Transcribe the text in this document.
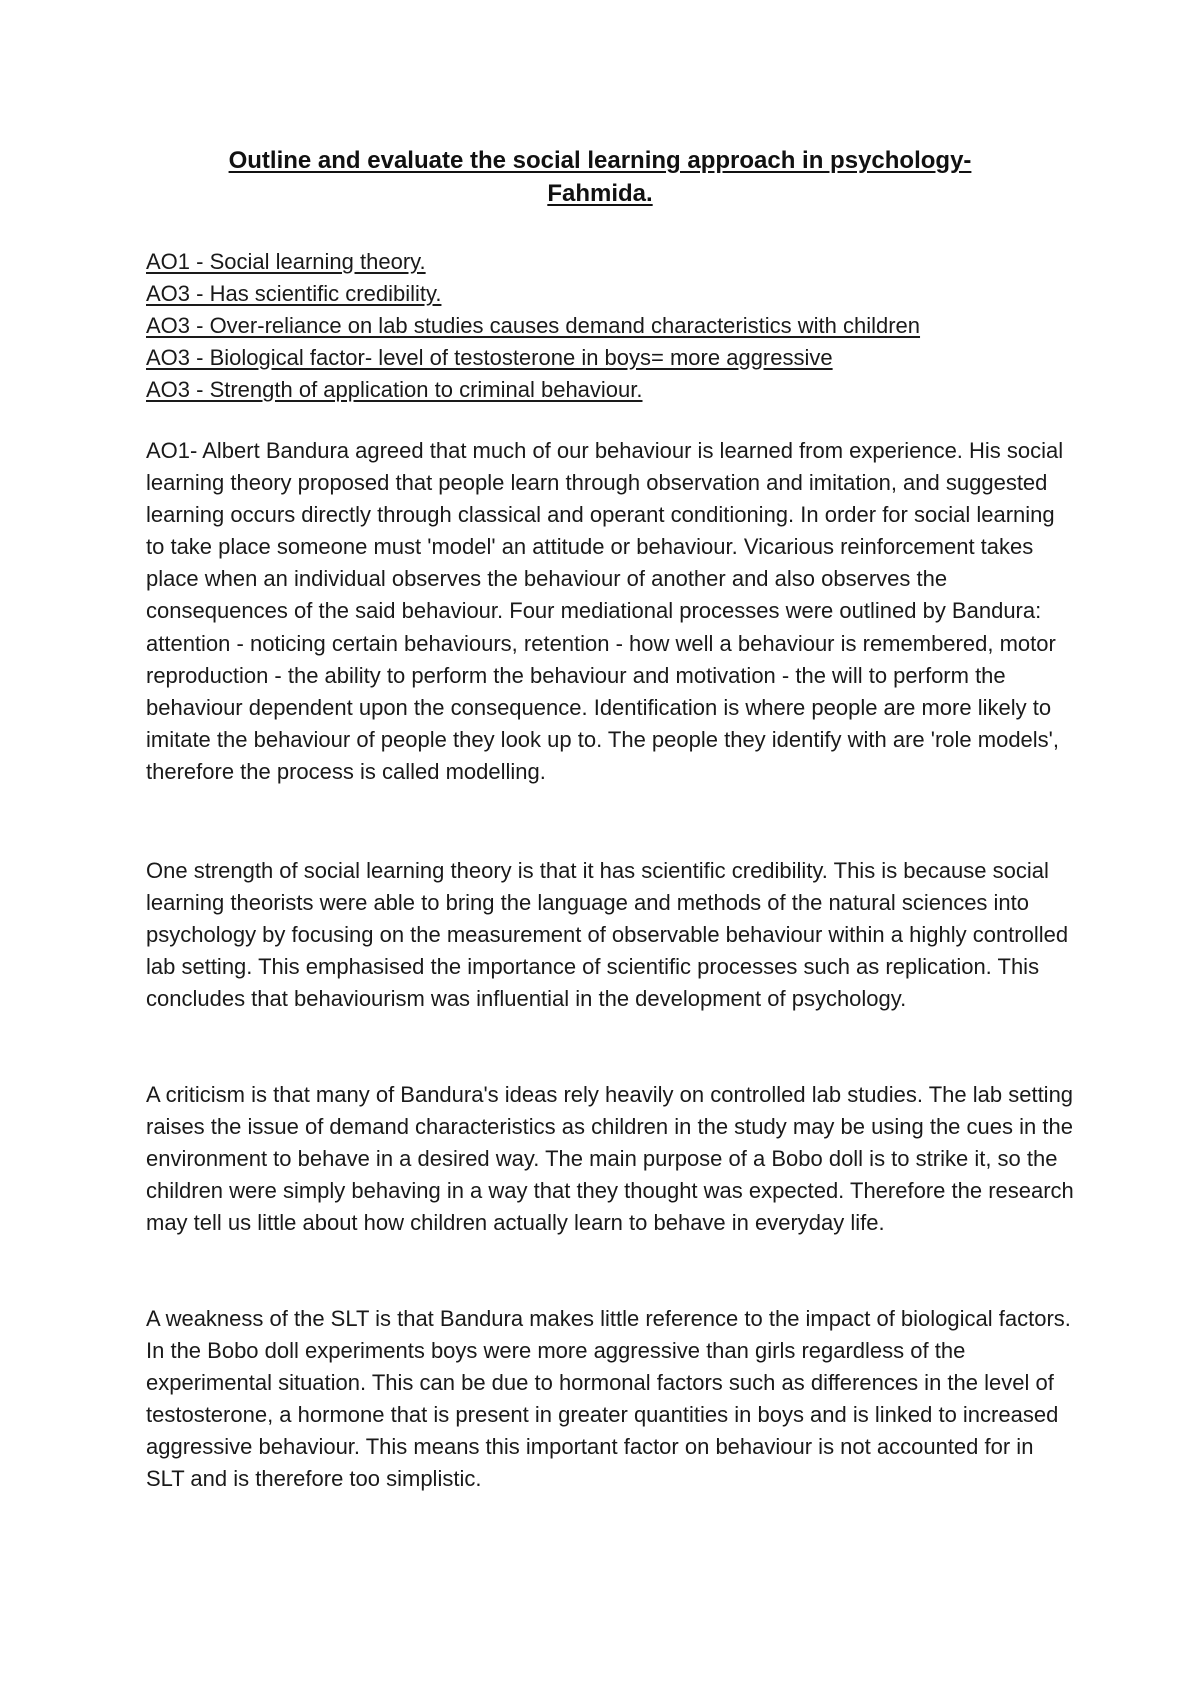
Outline and evaluate the social learning approach in psychology-
Fahmida.
AO1 - Social learning theory.
AO3 - Has scientific credibility.
AO3 - Over-reliance on lab studies causes demand characteristics with children
AO3 - Biological factor- level of testosterone in boys= more aggressive
AO3 - Strength of application to criminal behaviour.

AO1- Albert Bandura agreed that much of our behaviour is learned from experience. His social learning theory proposed that people learn through observation and imitation, and suggested learning occurs directly through classical and operant conditioning. In order for social learning to take place someone must 'model' an attitude or behaviour. Vicarious reinforcement takes place when an individual observes the behaviour of another and also observes the consequences of the said behaviour. Four mediational processes were outlined by Bandura: attention - noticing certain behaviours, retention - how well a behaviour is remembered, motor reproduction - the ability to perform the behaviour and motivation - the will to perform the behaviour dependent upon the consequence. Identification is where people are more likely to imitate the behaviour of people they look up to. The people they identify with are 'role models', therefore the process is called modelling.

One strength of social learning theory is that it has scientific credibility. This is because social learning theorists were able to bring the language and methods of the natural sciences into psychology by focusing on the measurement of observable behaviour within a highly controlled lab setting. This emphasised the importance of scientific processes such as replication. This concludes that behaviourism was influential in the development of psychology.

A criticism is that many of Bandura's ideas rely heavily on controlled lab studies. The lab setting raises the issue of demand characteristics as children in the study may be using the cues in the environment to behave in a desired way. The main purpose of a Bobo doll is to strike it, so the children were simply behaving in a way that they thought was expected. Therefore the research may tell us little about how children actually learn to behave in everyday life.

A weakness of the SLT is that Bandura makes little reference to the impact of biological factors. In the Bobo doll experiments boys were more aggressive than girls regardless of the experimental situation. This can be due to hormonal factors such as differences in the level of testosterone, a hormone that is present in greater quantities in boys and is linked to increased aggressive behaviour. This means this important factor on behaviour is not accounted for in SLT and is therefore too simplistic.
